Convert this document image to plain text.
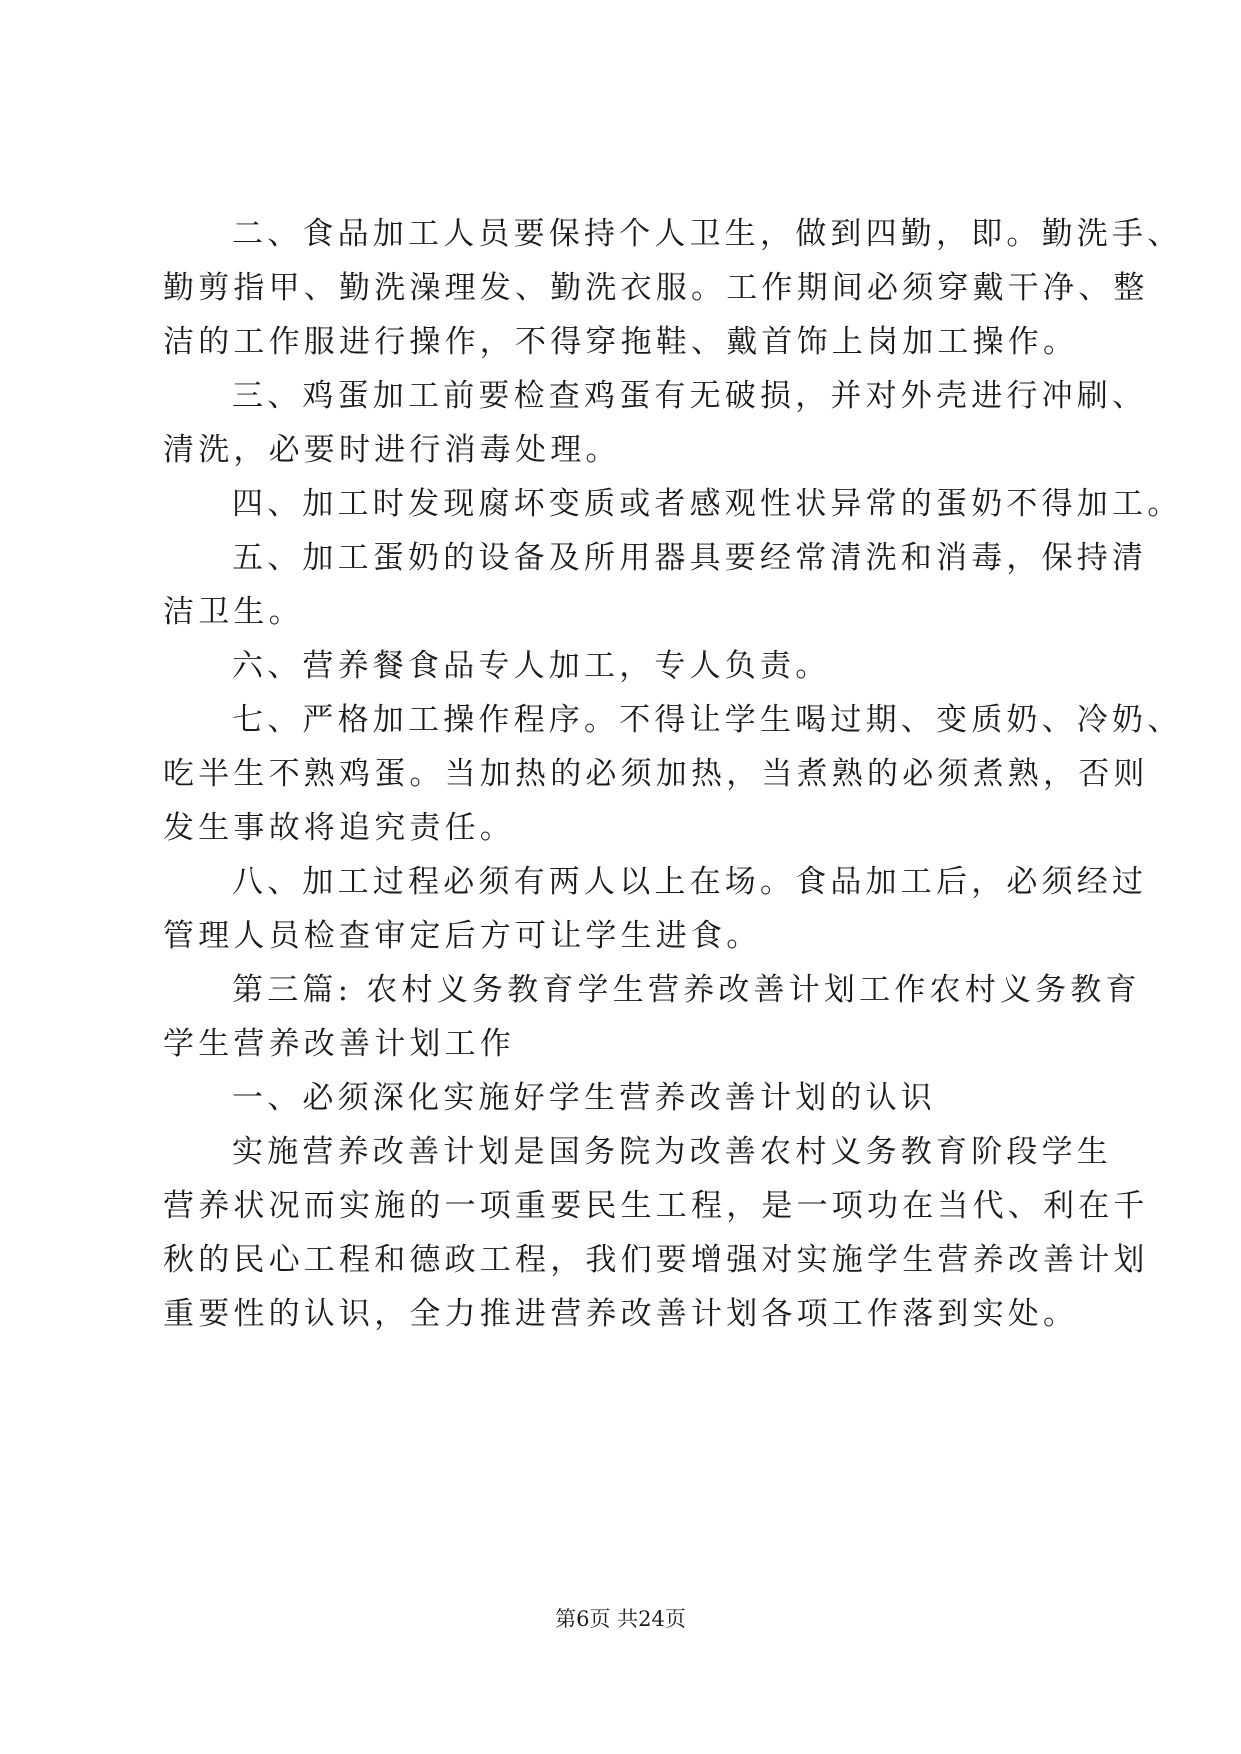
二、食品加工人员要保持个人卫生，做到四勤，即。勤洗手、

勤剪指甲、勤洗澡理发、勤洗衣服。工作期间必须穿戴干净、整

洁的工作服进行操作，不得穿拖鞋、戴首饰上岗加工操作。

三、鸡蛋加工前要检查鸡蛋有无破损，并对外壳进行冲刷、

清洗，必要时进行消毒处理。

四、加工时发现腐坏变质或者感观性状异常的蛋奶不得加工。

五、加工蛋奶的设备及所用器具要经常清洗和消毒，保持清

洁卫生。

六、营养餐食品专人加工，专人负责。

七、严格加工操作程序。不得让学生喝过期、变质奶、冷奶、

吃半生不熟鸡蛋。当加热的必须加热，当煮熟的必须煮熟，否则

发生事故将追究责任。

八、加工过程必须有两人以上在场。食品加工后，必须经过

管理人员检查审定后方可让学生进食。

第三篇: 农村义务教育学生营养改善计划工作农村义务教育

学生营养改善计划工作

一、必须深化实施好学生营养改善计划的认识

实施营养改善计划是国务院为改善农村义务教育阶段学生

营养状况而实施的一项重要民生工程，是一项功在当代、利在千

秋的民心工程和德政工程，我们要增强对实施学生营养改善计划

重要性的认识，全力推进营养改善计划各项工作落到实处。

第6页 共24页
